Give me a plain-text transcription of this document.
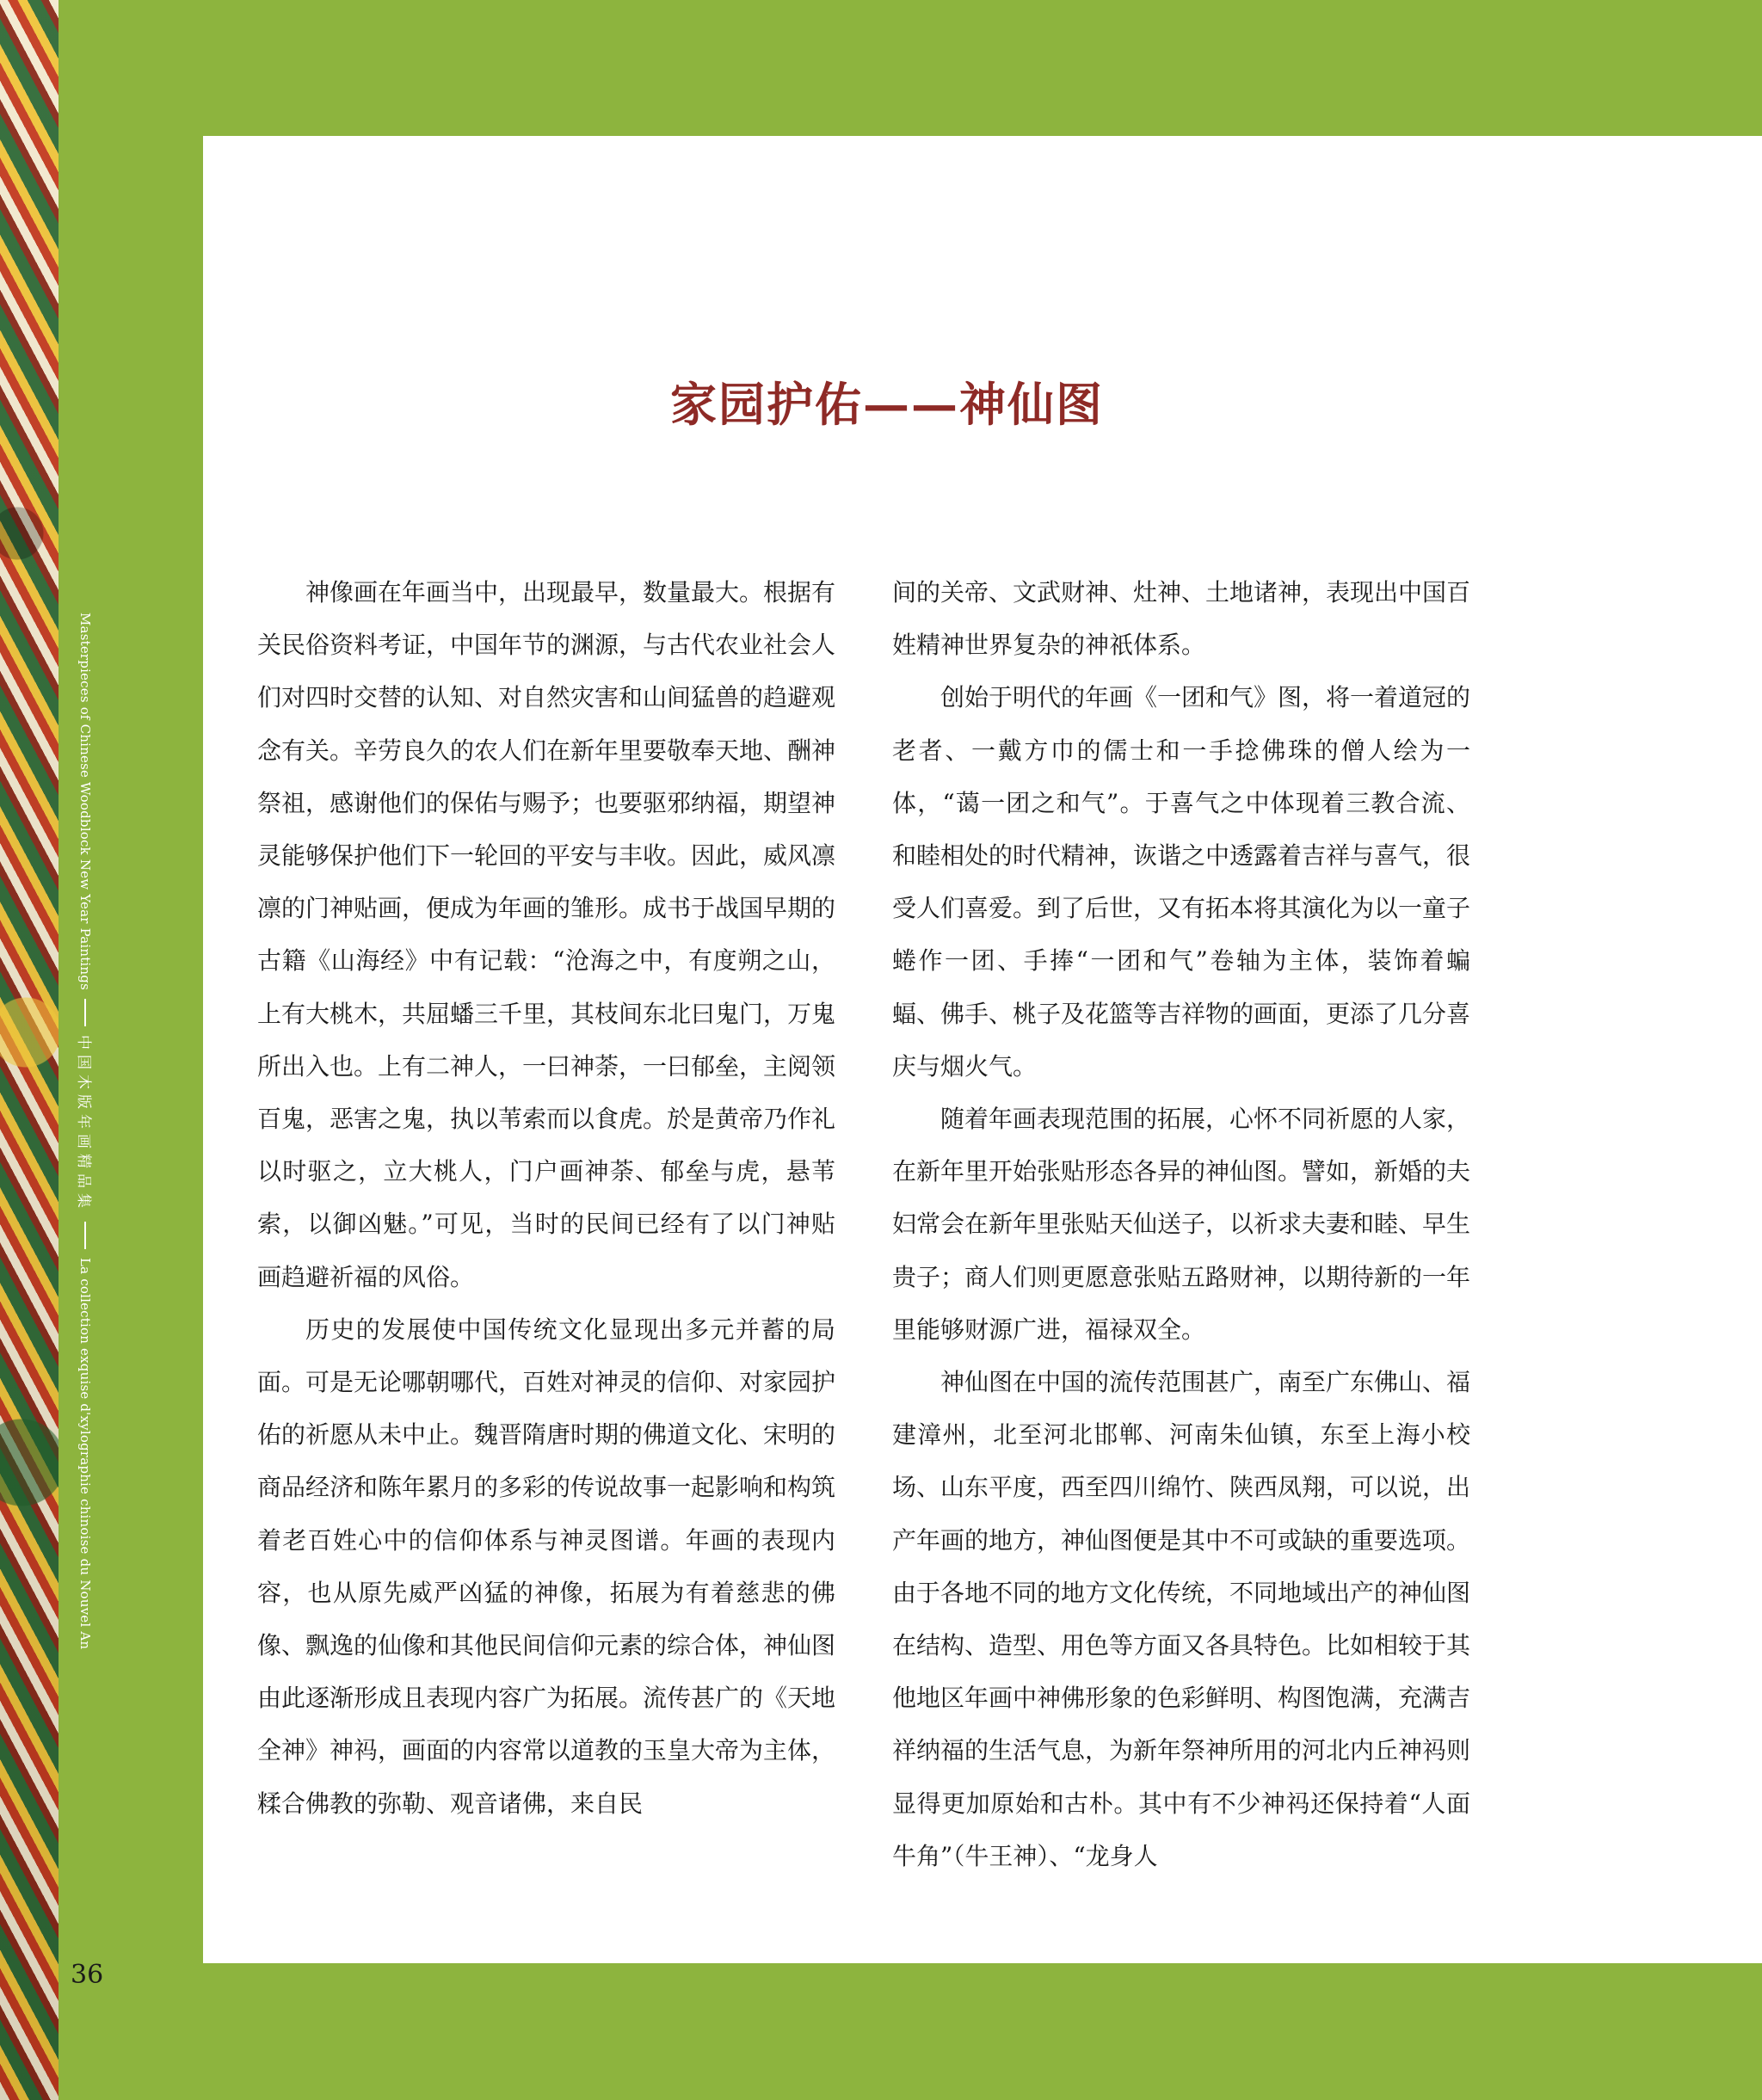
Masterpieces of Chinese Woodblock New Year Paintings
中国木版年画精品集
La collection exquise d'xylographie chinoise du Nouvel An
家园护佑——神仙图

神像画在年画当中，出现最早，数量最大。根据有关民俗资料考证，中国年节的渊源，与古代农业社会人们对四时交替的认知、对自然灾害和山间猛兽的趋避观念有关。辛劳良久的农人们在新年里要敬奉天地、酬神祭祖，感谢他们的保佑与赐予；也要驱邪纳福，期望神灵能够保护他们下一轮回的平安与丰收。因此，威风凛凛的门神贴画，便成为年画的雏形。成书于战国早期的古籍《山海经》中有记载：“沧海之中，有度朔之山，上有大桃木，共屈蟠三千里，其枝间东北曰鬼门，万鬼所出入也。上有二神人，一曰神荼，一曰郁垒，主阅领百鬼，恶害之鬼，执以苇索而以食虎。於是黄帝乃作礼以时驱之，立大桃人，门户画神荼、郁垒与虎，悬苇索，以御凶魅。”可见，当时的民间已经有了以门神贴画趋避祈福的风俗。

历史的发展使中国传统文化显现出多元并蓄的局面。可是无论哪朝哪代，百姓对神灵的信仰、对家园护佑的祈愿从未中止。魏晋隋唐时期的佛道文化、宋明的商品经济和陈年累月的多彩的传说故事一起影响和构筑着老百姓心中的信仰体系与神灵图谱。年画的表现内容，也从原先威严凶猛的神像，拓展为有着慈悲的佛像、飘逸的仙像和其他民间信仰元素的综合体，神仙图由此逐渐形成且表现内容广为拓展。流传甚广的《天地全神》神祃，画面的内容常以道教的玉皇大帝为主体，糅合佛教的弥勒、观音诸佛，来自民

间的关帝、文武财神、灶神、土地诸神，表现出中国百姓精神世界复杂的神祇体系。

创始于明代的年画《一团和气》图，将一着道冠的老者、一戴方巾的儒士和一手捻佛珠的僧人绘为一体，“蔼一团之和气”。于喜气之中体现着三教合流、和睦相处的时代精神，诙谐之中透露着吉祥与喜气，很受人们喜爱。到了后世，又有拓本将其演化为以一童子蜷作一团、手捧“一团和气”卷轴为主体，装饰着蝙蝠、佛手、桃子及花篮等吉祥物的画面，更添了几分喜庆与烟火气。

随着年画表现范围的拓展，心怀不同祈愿的人家，在新年里开始张贴形态各异的神仙图。譬如，新婚的夫妇常会在新年里张贴天仙送子，以祈求夫妻和睦、早生贵子；商人们则更愿意张贴五路财神，以期待新的一年里能够财源广进，福禄双全。

神仙图在中国的流传范围甚广，南至广东佛山、福建漳州，北至河北邯郸、河南朱仙镇，东至上海小校场、山东平度，西至四川绵竹、陕西凤翔，可以说，出产年画的地方，神仙图便是其中不可或缺的重要选项。由于各地不同的地方文化传统，不同地域出产的神仙图在结构、造型、用色等方面又各具特色。比如相较于其他地区年画中神佛形象的色彩鲜明、构图饱满，充满吉祥纳福的生活气息，为新年祭神所用的河北内丘神祃则显得更加原始和古朴。其中有不少神祃还保持着“人面牛角”（牛王神）、“龙身人

36
